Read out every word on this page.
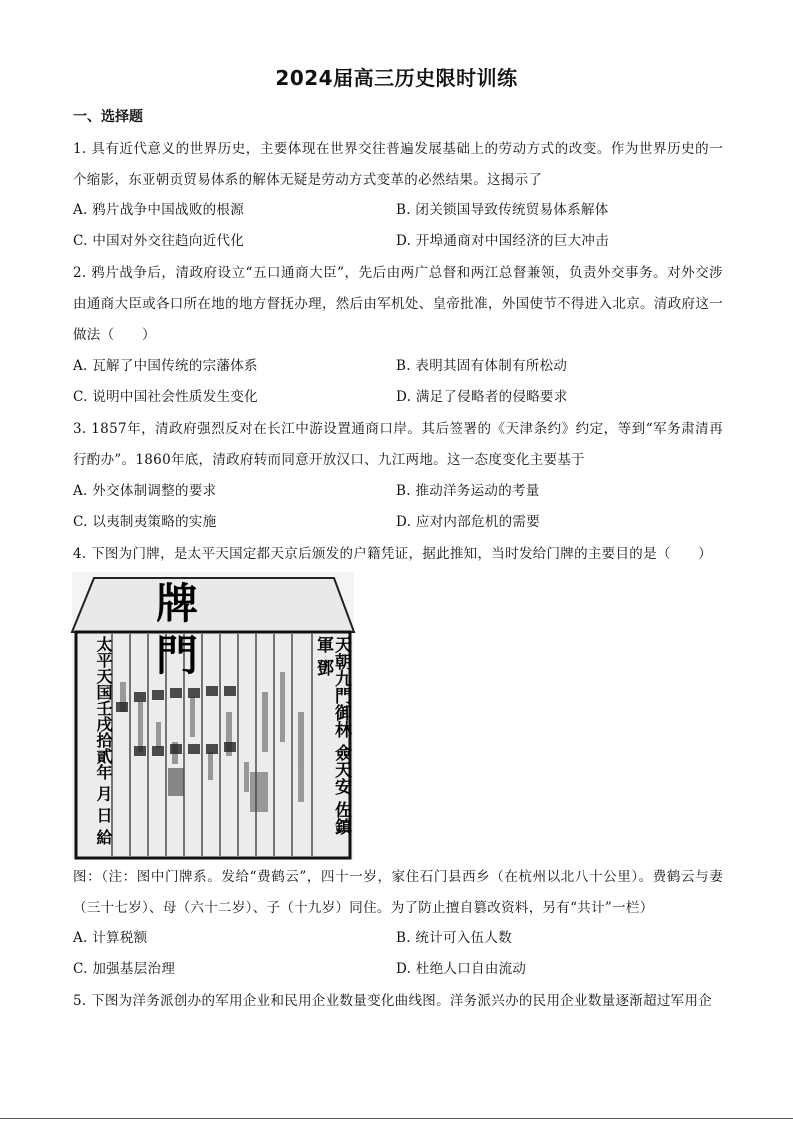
2024届高三历史限时训练
一、选择题
1. 具有近代意义的世界历史，主要体现在世界交往普遍发展基础上的劳动方式的改变。作为世界历史的一个缩影，东亚朝贡贸易体系的解体无疑是劳动方式变革的必然结果。这揭示了
A. 鸦片战争中国战败的根源	B. 闭关锁国导致传统贸易体系解体
C. 中国对外交往趋向近代化	D. 开埠通商对中国经济的巨大冲击
2. 鸦片战争后，清政府设立“五口通商大臣”，先后由两广总督和两江总督兼领，负责外交事务。对外交涉由通商大臣或各口所在地的地方督抚办理，然后由军机处、皇帝批准，外国使节不得进入北京。清政府这一做法（　　）
A. 瓦解了中国传统的宗藩体系	B. 表明其固有体制有所松动
C. 说明中国社会性质发生变化	D. 满足了侵略者的侵略要求
3. 1857年，清政府强烈反对在长江中游设置通商口岸。其后签署的《天津条约》约定，等到“军务肃清再行酌办”。1860年底，清政府转而同意开放汉口、九江两地。这一态度变化主要基于
A. 外交体制调整的要求	B. 推动洋务运动的考量
C. 以夷制夷策略的实施	D. 应对内部危机的需要
4. 下图为门牌，是太平天国定都天京后颁发的户籍凭证，据此推知，当时发给门牌的主要目的是（　　）
牌門	天朝九門御林 僉天安 佐鎮 軍 鄧
太平天国壬戌拾貳年 月 日 給
图：（注：图中门牌系。发给“费鹤云”，四十一岁，家住石门县西乡（在杭州以北八十公里）。费鹤云与妻（三十七岁）、母（六十二岁）、子（十九岁）同住。为了防止擅自篡改资料，另有“共计”一栏）
A. 计算税额	B. 统计可入伍人数
C. 加强基层治理	D. 杜绝人口自由流动
5. 下图为洋务派创办的军用企业和民用企业数量变化曲线图。洋务派兴办的民用企业数量逐渐超过军用企
